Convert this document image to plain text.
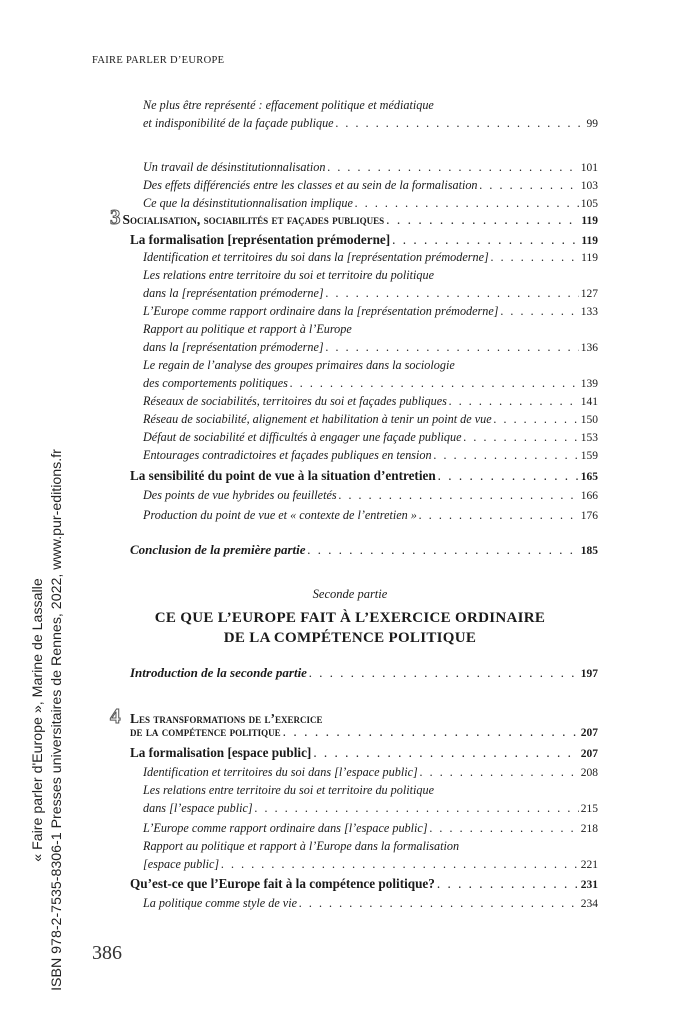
FAIRE PARLER D’EUROPE
« Faire parler d'Europe », Marine de Lassalle ISBN 978-2-7535-8306-1 Presses universitaires de Rennes, 2022, www.pur-editions.fr
Ne plus être représenté : effacement politique et médiatique
et indisponibilité de la façade publique . . .	99
Un travail de désinstitutionnalisation . . .	101
Des effets différenciés entre les classes et au sein de la formalisation . . .	103
Ce que la désinstitutionnalisation implique . . .	105
3 Socialisation, sociabilités et façades publiques . . .	119
La formalisation [représentation prémoderne] . . .	119
Identification et territoires du soi dans la [représentation prémoderne] . . .	119
Les relations entre territoire du soi et territoire du politique
dans la [représentation prémoderne] . . .	127
L’Europe comme rapport ordinaire dans la [représentation prémoderne] . . .	133
Rapport au politique et rapport à l’Europe
dans la [représentation prémoderne] . . .	136
Le regain de l’analyse des groupes primaires dans la sociologie
des comportements politiques . . .	139
Réseaux de sociabilités, territoires du soi et façades publiques . . .	141
Réseau de sociabilité, alignement et habilitation à tenir un point de vue . . .	150
Défaut de sociabilité et difficultés à engager une façade publique . . .	153
Entourages contradictoires et façades publiques en tension . . .	159
La sensibilité du point de vue à la situation d’entretien . . .	165
Des points de vue hybrides ou feuilletés . . .	166
Production du point de vue et « contexte de l’entretien » . . .	176
Conclusion de la première partie . . .	185
Introduction de la seconde partie . . .	197
4 Les transformations de l’exercice
de la compétence politique . . .	207
La formalisation [espace public] . . .	207
Identification et territoires du soi dans [l’espace public] . . .	208
Les relations entre territoire du soi et territoire du politique
dans [l’espace public] . . .	215
L’Europe comme rapport ordinaire dans [l’espace public] . . .	218
Rapport au politique et rapport à l’Europe dans la formalisation
[espace public] . . .	221
Qu’est-ce que l’Europe fait à la compétence politique? . . .	231
La politique comme style de vie . . .	234
Seconde partie
CE QUE L’EUROPE FAIT À L’EXERCICE ORDINAIRE
DE LA COMPÉTENCE POLITIQUE
386
